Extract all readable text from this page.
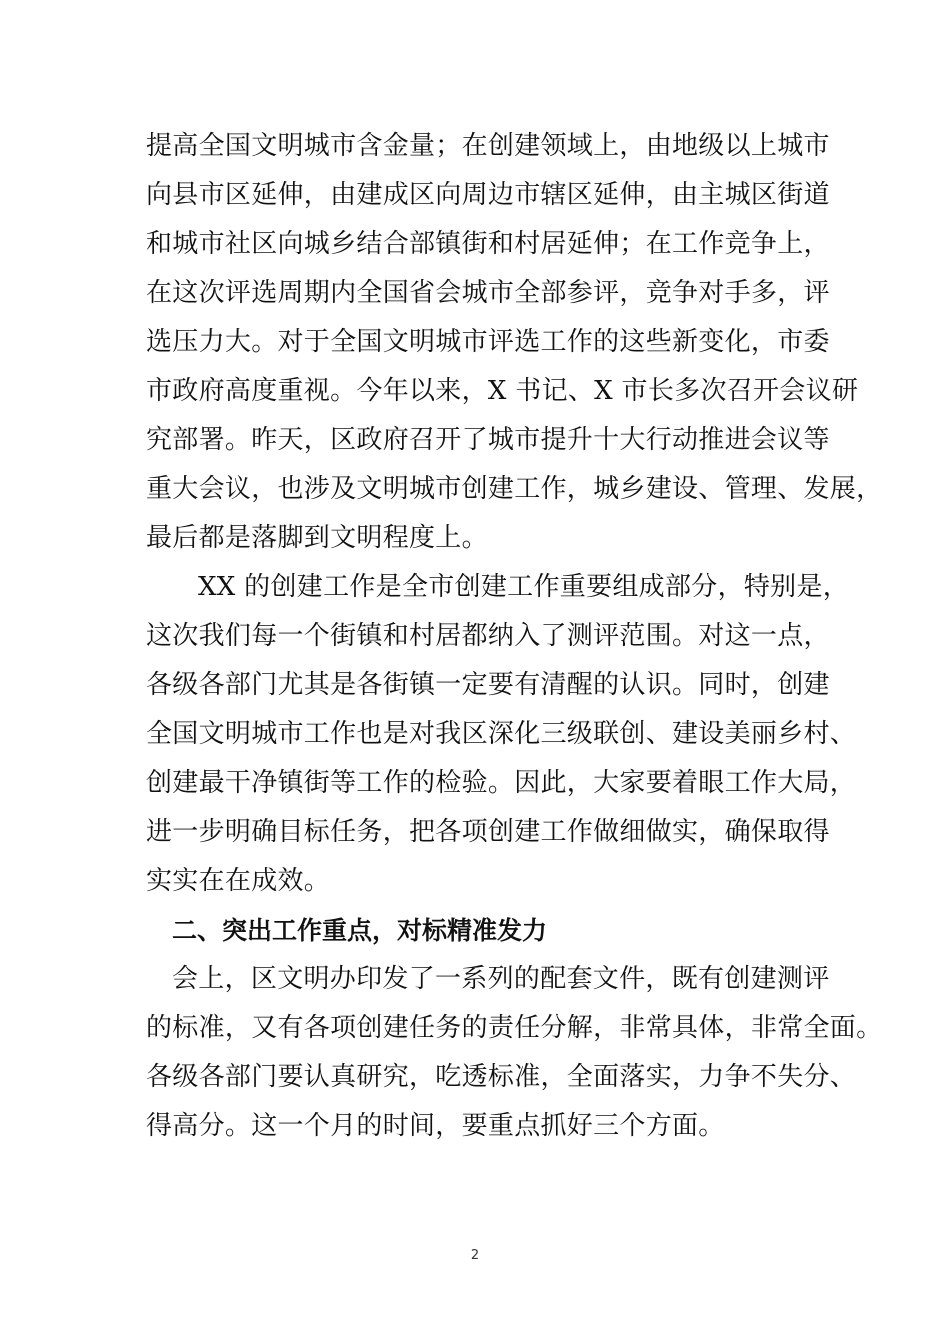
提高全国文明城市含金量；在创建领域上，由地级以上城市
向县市区延伸，由建成区向周边市辖区延伸，由主城区街道
和城市社区向城乡结合部镇街和村居延伸；在工作竞争上，
在这次评选周期内全国省会城市全部参评，竞争对手多，评
选压力大。对于全国文明城市评选工作的这些新变化，市委
市政府高度重视。今年以来，X 书记、X 市长多次召开会议研
究部署。昨天，区政府召开了城市提升十大行动推进会议等
重大会议，也涉及文明城市创建工作，城乡建设、管理、发展，
最后都是落脚到文明程度上。
XX 的创建工作是全市创建工作重要组成部分，特别是，
这次我们每一个街镇和村居都纳入了测评范围。对这一点，
各级各部门尤其是各街镇一定要有清醒的认识。同时，创建
全国文明城市工作也是对我区深化三级联创、建设美丽乡村、
创建最干净镇街等工作的检验。因此，大家要着眼工作大局，
进一步明确目标任务，把各项创建工作做细做实，确保取得
实实在在成效。
二、突出工作重点，对标精准发力
会上，区文明办印发了一系列的配套文件，既有创建测评
的标准，又有各项创建任务的责任分解，非常具体，非常全面。
各级各部门要认真研究，吃透标准，全面落实，力争不失分、
得高分。这一个月的时间，要重点抓好三个方面。
2
